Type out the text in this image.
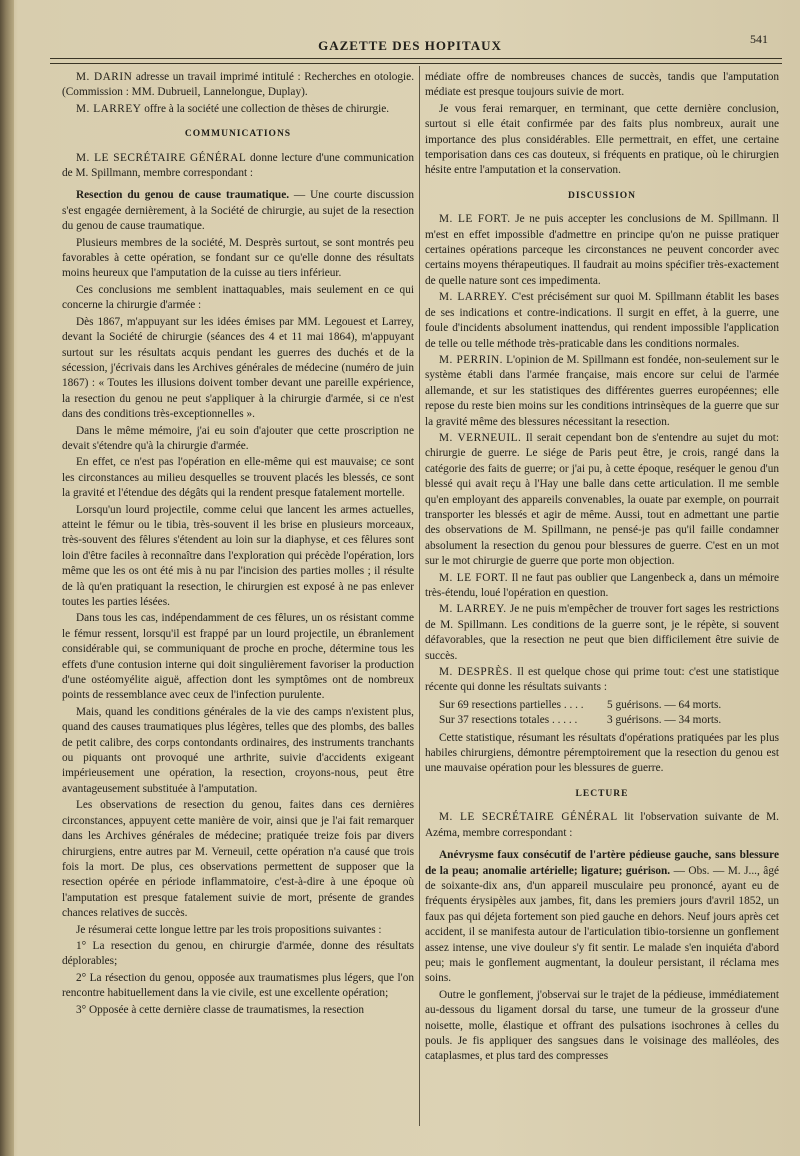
GAZETTE DES HOPITAUX	541

M. DARIN adresse un travail imprimé intitulé : Recherches en otologie. (Commission : MM. Dubrueil, Lannelongue, Duplay).

M. LARREY offre à la société une collection de thèses de chirurgie.

COMMUNICATIONS

M. LE SECRÉTAIRE GÉNÉRAL donne lecture d'une communication de M. Spillmann, membre correspondant :

Resection du genou de cause traumatique. — Une courte discussion s'est engagée dernièrement, à la Société de chirurgie, au sujet de la resection du genou de cause traumatique.

Plusieurs membres de la société, M. Desprès surtout, se sont montrés peu favorables à cette opération, se fondant sur ce qu'elle donne des résultats moins heureux que l'amputation de la cuisse au tiers inférieur.

Ces conclusions me semblent inattaquables, mais seulement en ce qui concerne la chirurgie d'armée :

Dès 1867, m'appuyant sur les idées émises par MM. Legouest et Larrey, devant la Société de chirurgie (séances des 4 et 11 mai 1864), m'appuyant surtout sur les résultats acquis pendant les guerres des duchés et de la sécession, j'écrivais dans les Archives générales de médecine (numéro de juin 1867) : « Toutes les illusions doivent tomber devant une pareille expérience, la resection du genou ne peut s'appliquer à la chirurgie d'armée, si ce n'est dans des conditions très-exceptionnelles ».

Dans le même mémoire, j'ai eu soin d'ajouter que cette proscription ne devait s'étendre qu'à la chirurgie d'armée.

En effet, ce n'est pas l'opération en elle-même qui est mauvaise; ce sont les circonstances au milieu desquelles se trouvent placés les blessés, ce sont la gravité et l'étendue des dégâts qui la rendent presque fatalement mortelle.

Lorsqu'un lourd projectile, comme celui que lancent les armes actuelles, atteint le fémur ou le tibia, très-souvent il les brise en plusieurs morceaux, très-souvent des fêlures s'étendent au loin sur la diaphyse, et ces fêlures sont loin d'être faciles à reconnaître dans l'exploration qui précède l'opération, lors même que les os ont été mis à nu par l'incision des parties molles ; il résulte de là qu'en pratiquant la resection, le chirurgien est exposé à ne pas enlever toutes les parties lésées.

Dans tous les cas, indépendamment de ces fêlures, un os résistant comme le fémur ressent, lorsqu'il est frappé par un lourd projectile, un ébranlement considérable qui, se communiquant de proche en proche, détermine tous les effets d'une contusion interne qui doit singulièrement favoriser la production d'une ostéomyélite aiguë, affection dont les symptômes ont de nombreux points de ressemblance avec ceux de l'infection purulente.

Mais, quand les conditions générales de la vie des camps n'existent plus, quand des causes traumatiques plus légères, telles que des plombs, des balles de petit calibre, des corps contondants ordinaires, des instruments tranchants ou piquants ont provoqué une arthrite, suivie d'accidents exigeant impérieusement une opération, la resection, croyons-nous, peut être avantageusement substituée à l'amputation.

Les observations de resection du genou, faites dans ces dernières circonstances, appuyent cette manière de voir, ainsi que je l'ai fait remarquer dans les Archives générales de médecine; pratiquée treize fois par divers chirurgiens, entre autres par M. Verneuil, cette opération n'a causé que trois fois la mort. De plus, ces observations permettent de supposer que la resection opérée en période inflammatoire, c'est-à-dire à une époque où l'amputation est presque fatalement suivie de mort, présente de grandes chances relatives de succès.

Je résumerai cette longue lettre par les trois propositions suivantes :

1° La resection du genou, en chirurgie d'armée, donne des résultats déplorables;

2° La résection du genou, opposée aux traumatismes plus légers, que l'on rencontre habituellement dans la vie civile, est une excellente opération;

3° Opposée à cette dernière classe de traumatismes, la resection

médiate offre de nombreuses chances de succès, tandis que l'amputation médiate est presque toujours suivie de mort.

Je vous ferai remarquer, en terminant, que cette dernière conclusion, surtout si elle était confirmée par des faits plus nombreux, aurait une importance des plus considérables. Elle permettrait, en effet, une certaine temporisation dans ces cas douteux, si fréquents en pratique, où le chirurgien hésite entre l'amputation et la conservation.

DISCUSSION

M. LE FORT. Je ne puis accepter les conclusions de M. Spillmann. Il m'est en effet impossible d'admettre en principe qu'on ne puisse pratiquer certaines opérations parceque les circonstances ne peuvent concorder avec certains moyens thérapeutiques. Il faudrait au moins spécifier très-exactement de quelle nature sont ces impedimenta.

M. LARREY. C'est précisément sur quoi M. Spillmann établit les bases de ses indications et contre-indications. Il surgit en effet, à la guerre, une foule d'incidents absolument inattendus, qui rendent impossible l'application de telle ou telle méthode très-praticable dans les conditions normales.

M. PERRIN. L'opinion de M. Spillmann est fondée, non-seulement sur le système établi dans l'armée française, mais encore sur celui de l'armée allemande, et sur les statistiques des différentes guerres européennes; elle repose du reste bien moins sur les conditions intrinsèques de la guerre que sur la gravité même des blessures nécessitant la resection.

M. VERNEUIL. Il serait cependant bon de s'entendre au sujet du mot: chirurgie de guerre. Le siége de Paris peut être, je crois, rangé dans la catégorie des faits de guerre; or j'ai pu, à cette époque, reséquer le genou d'un blessé qui avait reçu à l'Hay une balle dans cette articulation. Il me semble qu'en employant des appareils convenables, la ouate par exemple, on pourrait transporter les blessés et agir de même. Aussi, tout en admettant une partie des observations de M. Spillmann, ne pensé-je pas qu'il faille condamner absolument la resection du genou pour blessures de guerre. C'est en un mot sur le mot chirurgie de guerre que porte mon objection.

M. LE FORT. Il ne faut pas oublier que Langenbeck a, dans un mémoire très-étendu, loué l'opération en question.

M. LARREY. Je ne puis m'empêcher de trouver fort sages les restrictions de M. Spillmann. Les conditions de la guerre sont, je le répète, si souvent défavorables, que la resection ne peut que bien difficilement être suivie de succès.

M. DESPRÈS. Il est quelque chose qui prime tout: c'est une statistique récente qui donne les résultats suivants :

Sur 69 resections partielles . . . .	5 guérisons. — 64 morts.
Sur 37 resections totales . . . . .	3 guérisons. — 34 morts.

Cette statistique, résumant les résultats d'opérations pratiquées par les plus habiles chirurgiens, démontre péremptoirement que la resection du genou est une mauvaise opération pour les blessures de guerre.

LECTURE

M. LE SECRÉTAIRE GÉNÉRAL lit l'observation suivante de M. Azéma, membre correspondant :

Anévrysme faux consécutif de l'artère pédieuse gauche, sans blessure de la peau; anomalie artérielle; ligature; guérison. — Obs. — M. J..., âgé de soixante-dix ans, d'un appareil musculaire peu prononcé, ayant eu de fréquents érysipèles aux jambes, fit, dans les premiers jours d'avril 1852, un faux pas qui déjeta fortement son pied gauche en dehors. Neuf jours après cet accident, il se manifesta autour de l'articulation tibio-torsienne un gonflement assez intense, une vive douleur s'y fit sentir. Le malade s'en inquiéta d'abord peu; mais le gonflement augmentant, la douleur persistant, il réclama mes soins.

Outre le gonflement, j'observai sur le trajet de la pédieuse, immédiatement au-dessous du ligament dorsal du tarse, une tumeur de la grosseur d'une noisette, molle, élastique et offrant des pulsations isochrones à celles du pouls. Je fis appliquer des sangsues dans le voisinage des malléoles, des cataplasmes, et plus tard des compresses
